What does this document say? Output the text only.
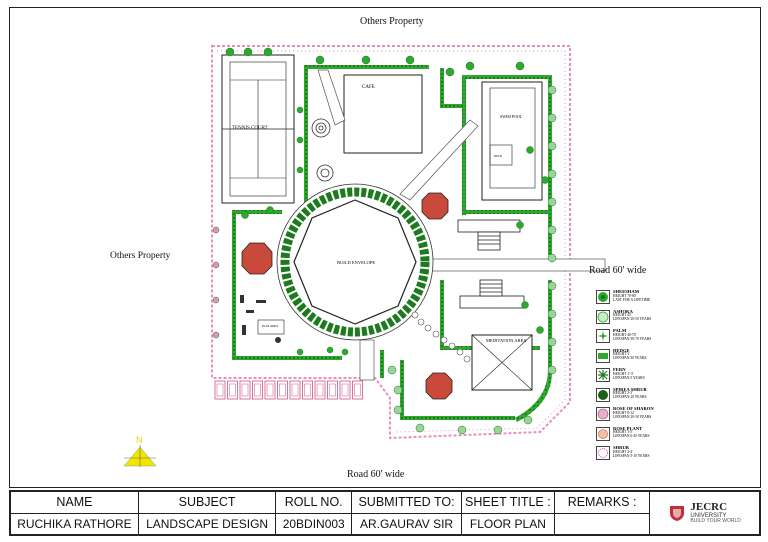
CAFE
SWIM POOL
DECK
BUILD ENVELOPE
MEDITATION AREA
PLAY AREA
Others Property
Others Property
Road 60' wide
Road 60' wide
N
TENNIS COURT
SHEESHAM
HEIGHT 70-80'
LAST FOR A LIFETIME
ASHOKA
HEIGHT 45'
LIFESPAN 30-50 YEARS
PALM
HEIGHT 40-70'
LIFESPAN 50-70 YEARS
HEDGE
HEIGHT 3'
LIFESPAN 30 YEARS
FERN
HEIGHT 1'-3'
LIFESPAN 5 YEARS
SPIREA SHRUB
HEIGHT 2-3'
LIFESPAN 20 YEARS
ROSE OF SHARON
HEIGHT 8-12'
LIFESPAN 20-30 YEARS
ROSE PLANT
HEIGHT 3-5'
LIFESPAN 6-20 YEARS
SHRUB
HEIGHT 2-4'
LIFESPAN 5-10 YEARS
NAME	SUBJECT	ROLL NO.	SUBMITTED TO:	SHEET TITLE :	REMARKS :	JECRC
UNIVERSITY
BUILD YOUR WORLD

RUCHIKA RATHORE	LANDSCAPE DESIGN	20BDIN003	AR.GAURAV SIR	FLOOR PLAN		
